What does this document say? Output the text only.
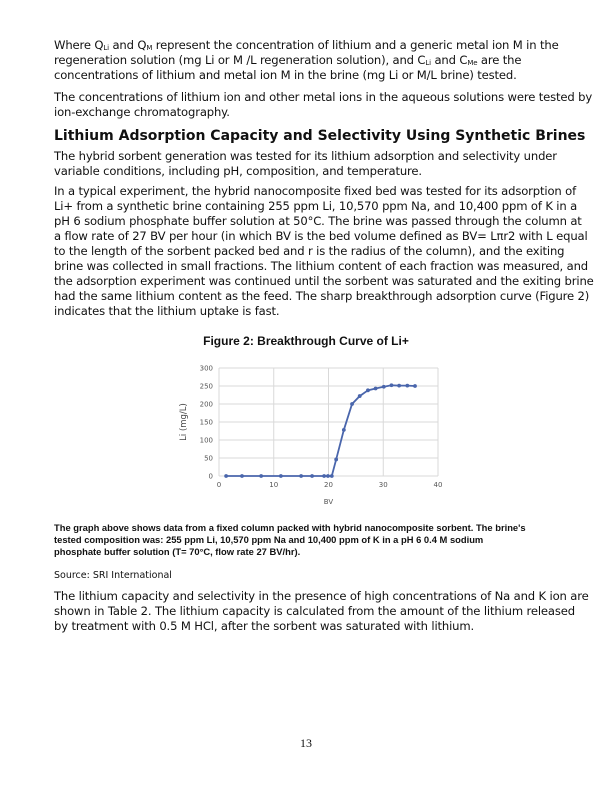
Where $Q_{Li}$ and $Q_M$ represent the concentration of lithium and a generic metal ion M in the
regeneration solution (mg Li or M /L regeneration solution), and $C_{Li}$ and $C_{Me}$ are the
concentrations of lithium and metal ion M in the brine (mg Li or M/L brine) tested.
Lithium Adsorption Capacity and Selectivity Using Synthetic Brines
Figure 2: Breakthrough Curve of Li+
0
50
100
150
200
250
300
0	10	20	30	40
BV
Li (mg/L)
Source: SRI International
13
The concentrations of lithium ion and other metal ions in the aqueous solutions were tested by
ion-exchange chromatography.
The hybrid sorbent generation was tested for its lithium adsorption and selectivity under
variable conditions, including pH, composition, and temperature.
In a typical experiment, the hybrid nanocomposite fixed bed was tested for its adsorption of
Li+ from a synthetic brine containing 255 ppm Li, 10,570 ppm Na, and 10,400 ppm of K in a
pH 6 sodium phosphate buffer solution at 50°C. The brine was passed through the column at
a flow rate of 27 BV per hour (in which BV is the bed volume defined as BV= Lπr2 with L equal
to the length of the sorbent packed bed and r is the radius of the column), and the exiting
brine was collected in small fractions. The lithium content of each fraction was measured, and
the adsorption experiment was continued until the sorbent was saturated and the exiting brine
had the same lithium content as the feed. The sharp breakthrough adsorption curve (Figure 2)
indicates that the lithium uptake is fast.
The graph above shows data from a fixed column packed with hybrid nanocomposite sorbent. The brine's
tested composition was: 255 ppm Li, 10,570 ppm Na and 10,400 ppm of K in a pH 6 0.4 M sodium
phosphate buffer solution (T= 70°C, flow rate 27 BV/hr).
The lithium capacity and selectivity in the presence of high concentrations of Na and K ion are
shown in Table 2. The lithium capacity is calculated from the amount of the lithium released
by treatment with 0.5 M HCl, after the sorbent was saturated with lithium.
